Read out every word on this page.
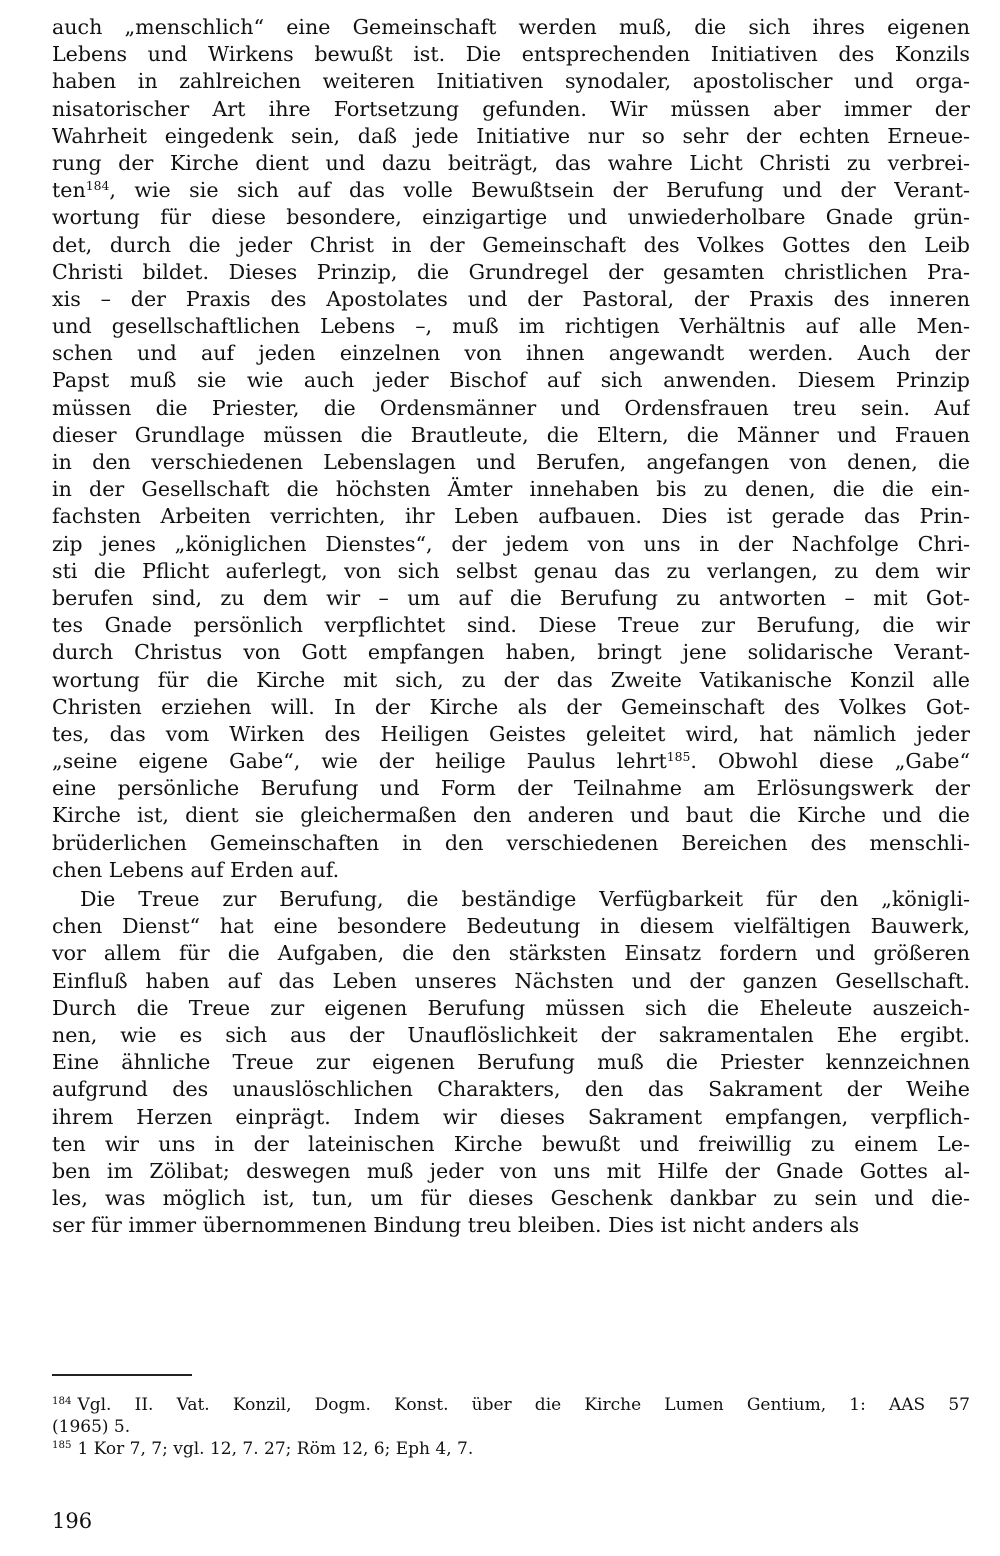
auch „menschlich“ eine Gemeinschaft werden muß, die sich ihres eigenen
Lebens und Wirkens bewußt ist. Die entsprechenden Initiativen des Konzils
haben in zahlreichen weiteren Initiativen synodaler, apostolischer und orga-
nisatorischer Art ihre Fortsetzung gefunden. Wir müssen aber immer der
Wahrheit eingedenk sein, daß jede Initiative nur so sehr der echten Erneue-
rung der Kirche dient und dazu beiträgt, das wahre Licht Christi zu verbrei-
ten$^{184}$, wie sie sich auf das volle Bewußtsein der Berufung und der Verant-
wortung für diese besondere, einzigartige und unwiederholbare Gnade grün-
det, durch die jeder Christ in der Gemeinschaft des Volkes Gottes den Leib
Christi bildet. Dieses Prinzip, die Grundregel der gesamten christlichen Pra-
xis – der Praxis des Apostolates und der Pastoral, der Praxis des inneren
und gesellschaftlichen Lebens –, muß im richtigen Verhältnis auf alle Men-
schen und auf jeden einzelnen von ihnen angewandt werden. Auch der
Papst muß sie wie auch jeder Bischof auf sich anwenden. Diesem Prinzip
müssen die Priester, die Ordensmänner und Ordensfrauen treu sein. Auf
dieser Grundlage müssen die Brautleute, die Eltern, die Männer und Frauen
in den verschiedenen Lebenslagen und Berufen, angefangen von denen, die
in der Gesellschaft die höchsten Ämter innehaben bis zu denen, die die ein-
fachsten Arbeiten verrichten, ihr Leben aufbauen. Dies ist gerade das Prin-
zip jenes „königlichen Dienstes“, der jedem von uns in der Nachfolge Chri-
sti die Pflicht auferlegt, von sich selbst genau das zu verlangen, zu dem wir
berufen sind, zu dem wir – um auf die Berufung zu antworten – mit Got-
tes Gnade persönlich verpflichtet sind. Diese Treue zur Berufung, die wir
durch Christus von Gott empfangen haben, bringt jene solidarische Verant-
wortung für die Kirche mit sich, zu der das Zweite Vatikanische Konzil alle
Christen erziehen will. In der Kirche als der Gemeinschaft des Volkes Got-
tes, das vom Wirken des Heiligen Geistes geleitet wird, hat nämlich jeder
„seine eigene Gabe“, wie der heilige Paulus lehrt$^{185}$. Obwohl diese „Gabe“
eine persönliche Berufung und Form der Teilnahme am Erlösungswerk der
Kirche ist, dient sie gleichermaßen den anderen und baut die Kirche und die
brüderlichen Gemeinschaften in den verschiedenen Bereichen des menschli-
chen Lebens auf Erden auf.
Die Treue zur Berufung, die beständige Verfügbarkeit für den „königli-
chen Dienst“ hat eine besondere Bedeutung in diesem vielfältigen Bauwerk,
vor allem für die Aufgaben, die den stärksten Einsatz fordern und größeren
Einfluß haben auf das Leben unseres Nächsten und der ganzen Gesellschaft.
Durch die Treue zur eigenen Berufung müssen sich die Eheleute auszeich-
nen, wie es sich aus der Unauflöslichkeit der sakramentalen Ehe ergibt.
Eine ähnliche Treue zur eigenen Berufung muß die Priester kennzeichnen
aufgrund des unauslöschlichen Charakters, den das Sakrament der Weihe
ihrem Herzen einprägt. Indem wir dieses Sakrament empfangen, verpflich-
ten wir uns in der lateinischen Kirche bewußt und freiwillig zu einem Le-
ben im Zölibat; deswegen muß jeder von uns mit Hilfe der Gnade Gottes al-
les, was möglich ist, tun, um für dieses Geschenk dankbar zu sein und die-
ser für immer übernommenen Bindung treu bleiben. Dies ist nicht anders als
$^{184}$ Vgl. II. Vat. Konzil, Dogm. Konst. über die Kirche Lumen Gentium, 1: AAS 57
(1965) 5.
$^{185}$ 1 Kor 7, 7; vgl. 12, 7. 27; Röm 12, 6; Eph 4, 7.
196
